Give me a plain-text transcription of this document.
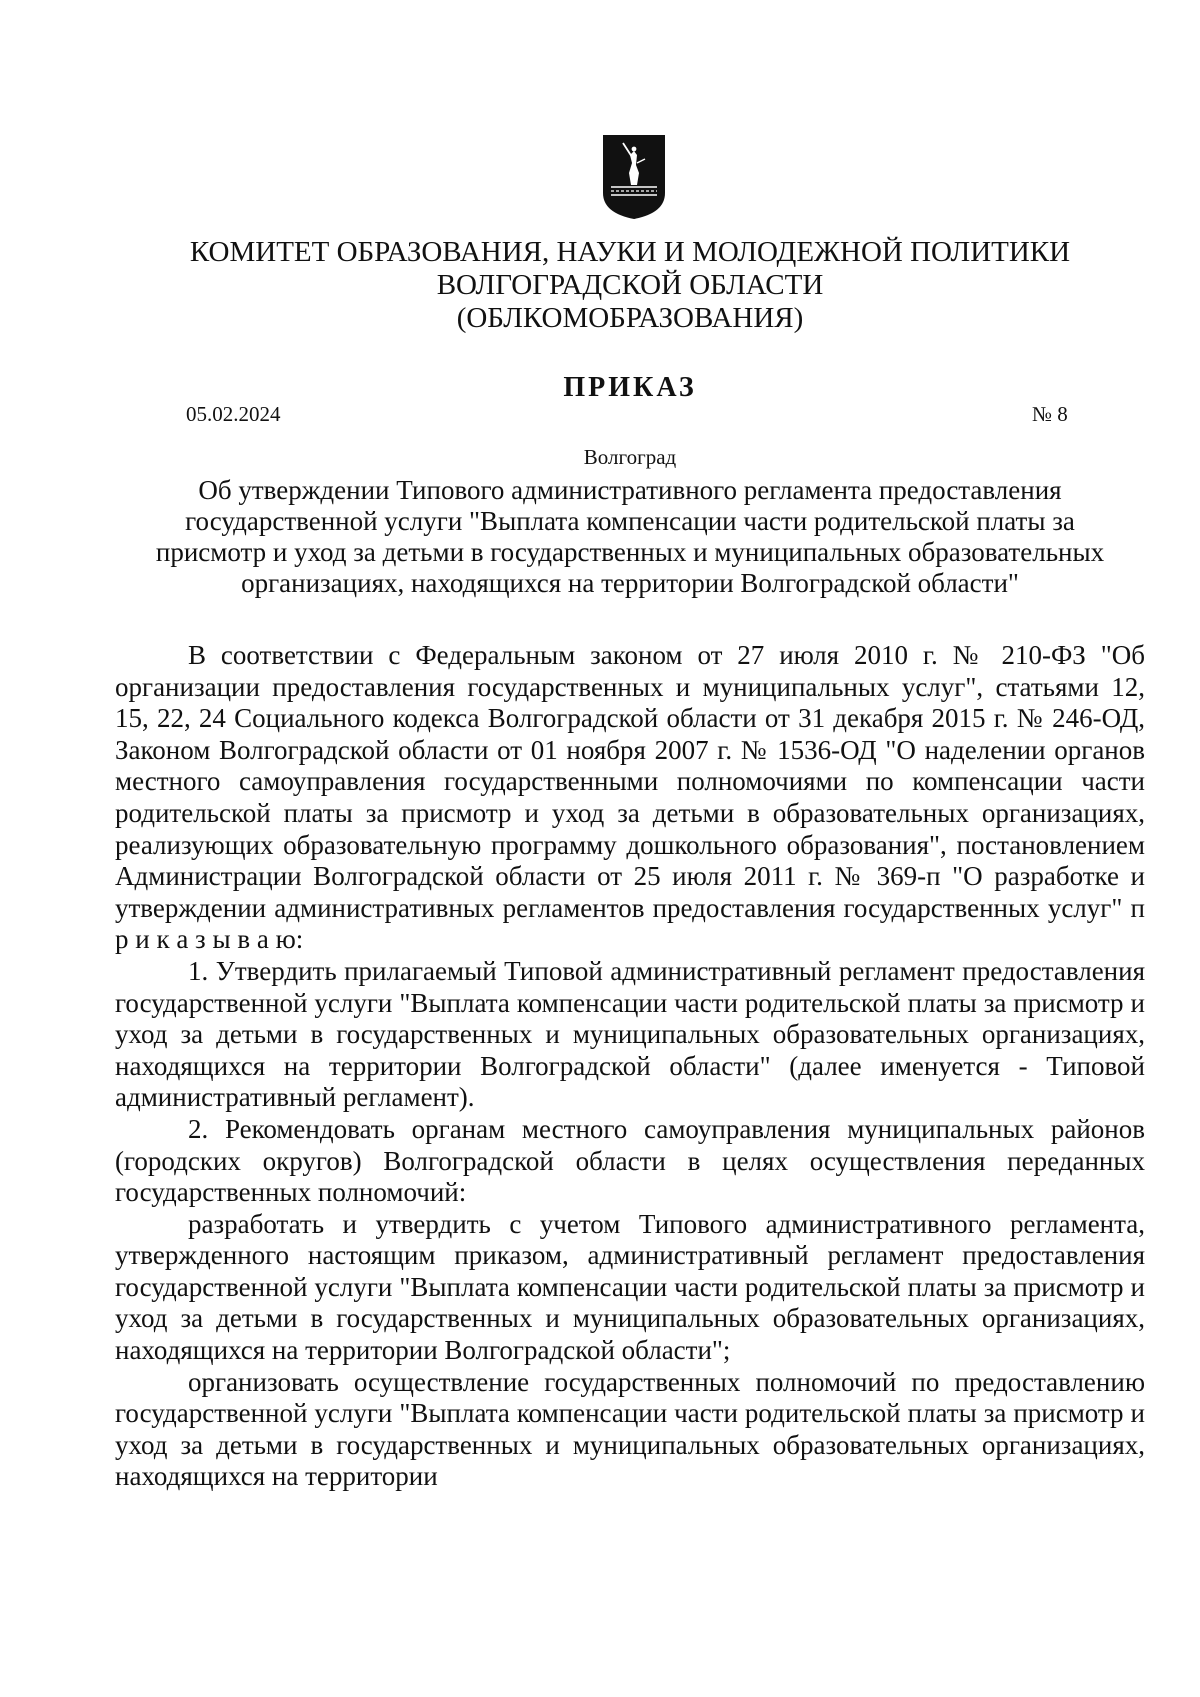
КОМИТЕТ ОБРАЗОВАНИЯ, НАУКИ И МОЛОДЕЖНОЙ ПОЛИТИКИ
ВОЛГОГРАДСКОЙ ОБЛАСТИ
(ОБЛКОМОБРАЗОВАНИЯ)
ПРИКАЗ
05.02.2024	№ 8
Волгоград
Об утверждении Типового административного регламента предоставления
государственной услуги "Выплата компенсации части родительской платы за
присмотр и уход за детьми в государственных и муниципальных образовательных
организациях, находящихся на территории Волгоградской области"

В соответствии с Федеральным законом от 27 июля 2010 г. № 210-ФЗ "Об организации предоставления государственных и муниципальных услуг", статьями 12, 15, 22, 24 Социального кодекса Волгоградской области от 31 декабря 2015 г. № 246-ОД, Законом Волгоградской области от 01 ноября 2007 г. № 1536-ОД "О наделении органов местного самоуправления государственными полномочиями по компенсации части родительской платы за присмотр и уход за детьми в образовательных организациях, реализующих образовательную программу дошкольного образования", постановлением Администрации Волгоградской области от 25 июля 2011 г. № 369-п "О разработке и утверждении административных регламентов предоставления государственных услуг" п р и к а з ы в а ю:

1. Утвердить прилагаемый Типовой административный регламент предоставления государственной услуги "Выплата компенсации части родительской платы за присмотр и уход за детьми в государственных и муниципальных образовательных организациях, находящихся на территории Волгоградской области" (далее именуется - Типовой административный регламент).

2. Рекомендовать органам местного самоуправления муниципальных районов (городских округов) Волгоградской области в целях осуществления переданных государственных полномочий:

разработать и утвердить с учетом Типового административного регламента, утвержденного настоящим приказом, административный регламент предоставления государственной услуги "Выплата компенсации части родительской платы за присмотр и уход за детьми в государственных и муниципальных образовательных организациях, находящихся на территории Волгоградской области";

организовать осуществление государственных полномочий по предоставлению государственной услуги "Выплата компенсации части родительской платы за присмотр и уход за детьми в государственных и муниципальных образовательных организациях, находящихся на территории
